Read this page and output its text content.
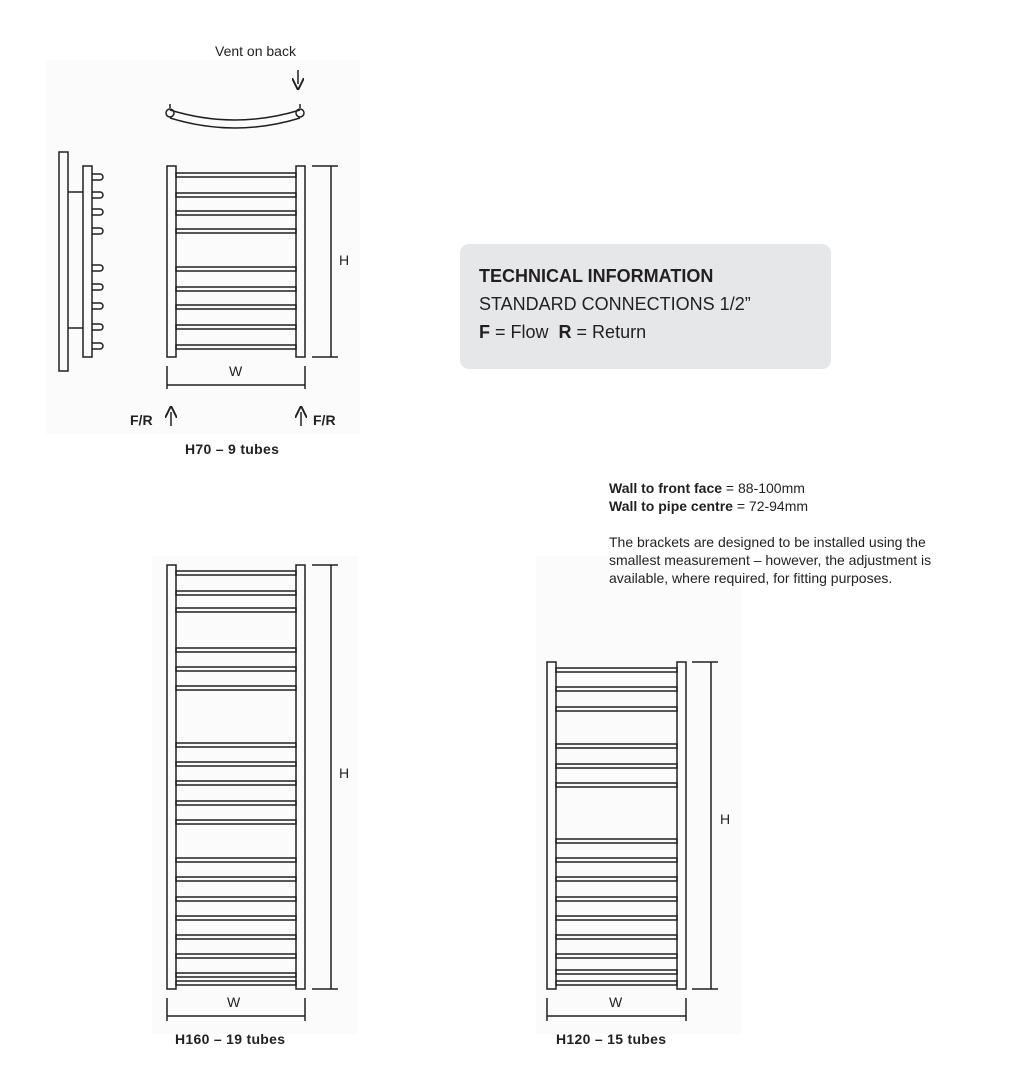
Vent on back
H
W
F/R	F/R
H70 – 9 tubes
H
W
H160 – 19 tubes
H
W
H120 – 15 tubes
TECHNICAL INFORMATION
STANDARD CONNECTIONS 1/2”
F = Flow  R = Return

Wall to front face = 88-100mm

Wall to pipe centre = 72-94mm

The brackets are designed to be installed using the smallest measurement – however, the adjustment is available, where required, for fitting purposes.
